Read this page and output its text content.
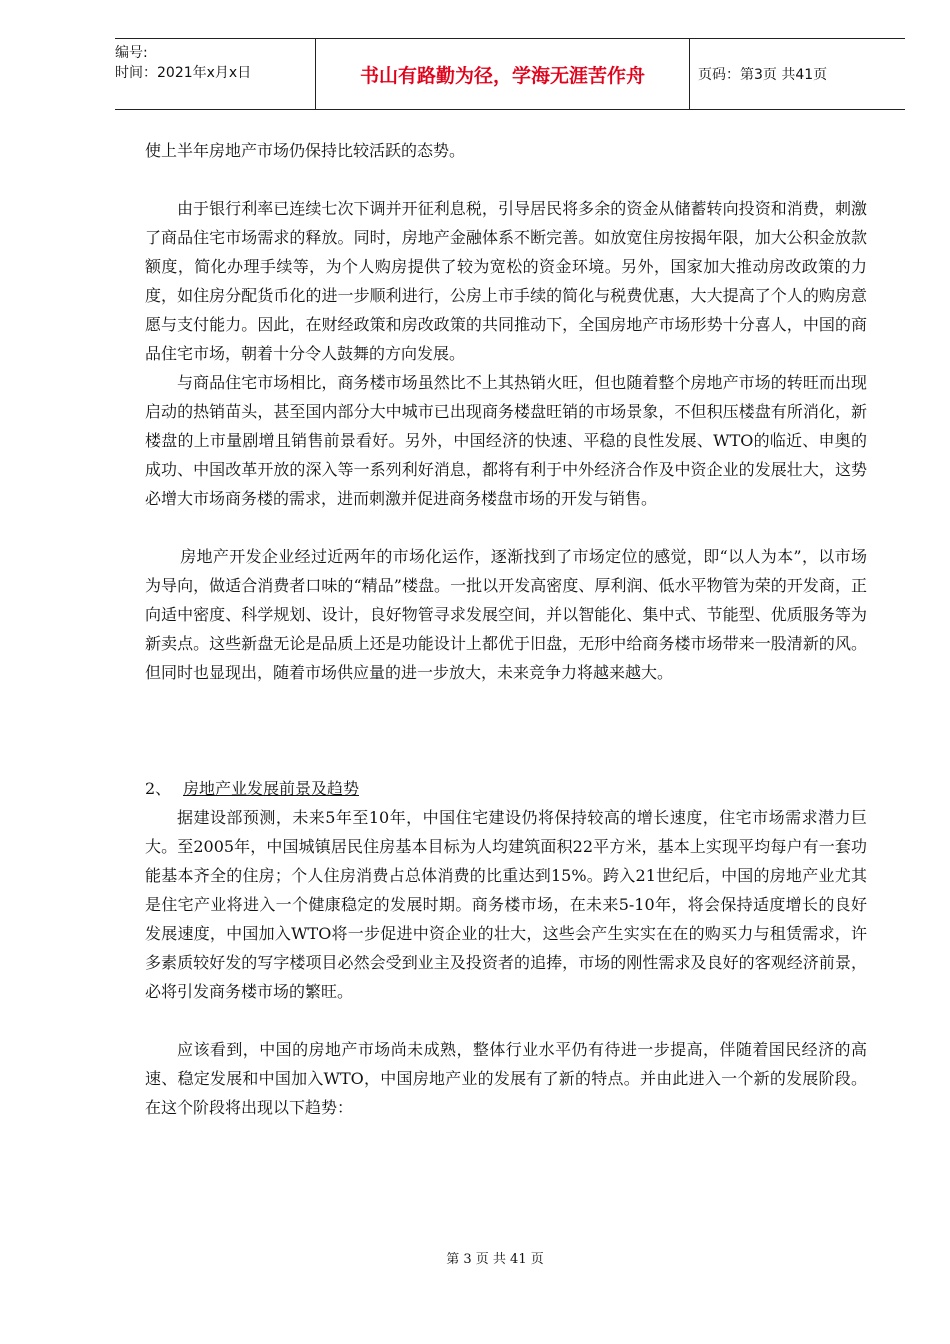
编号:
时间：2021年x月x日	书山有路勤为径，学海无涯苦作舟	页码：第3页 共41页

使上半年房地产市场仍保持比较活跃的态势。

由于银行利率已连续七次下调并开征利息税，引导居民将多余的资金从储蓄转向投资和消费，刺激了商品住宅市场需求的释放。同时，房地产金融体系不断完善。如放宽住房按揭年限，加大公积金放款额度，简化办理手续等，为个人购房提供了较为宽松的资金环境。另外，国家加大推动房改政策的力度，如住房分配货币化的进一步顺利进行，公房上市手续的简化与税费优惠，大大提高了个人的购房意愿与支付能力。因此，在财经政策和房改政策的共同推动下，全国房地产市场形势十分喜人，中国的商品住宅市场，朝着十分令人鼓舞的方向发展。

与商品住宅市场相比，商务楼市场虽然比不上其热销火旺，但也随着整个房地产市场的转旺而出现启动的热销苗头，甚至国内部分大中城市已出现商务楼盘旺销的市场景象，不但积压楼盘有所消化，新楼盘的上市量剧增且销售前景看好。另外，中国经济的快速、平稳的良性发展、WTO的临近、申奥的成功、中国改革开放的深入等一系列利好消息，都将有利于中外经济合作及中资企业的发展壮大，这势必增大市场商务楼的需求，进而刺激并促进商务楼盘市场的开发与销售。

房地产开发企业经过近两年的市场化运作，逐渐找到了市场定位的感觉，即“以人为本”，以市场为导向，做适合消费者口味的“精品”楼盘。一批以开发高密度、厚利润、低水平物管为荣的开发商，正向适中密度、科学规划、设计，良好物管寻求发展空间，并以智能化、集中式、节能型、优质服务等为新卖点。这些新盘无论是品质上还是功能设计上都优于旧盘，无形中给商务楼市场带来一股清新的风。但同时也显现出，随着市场供应量的进一步放大，未来竞争力将越来越大。

2、 房地产业发展前景及趋势

据建设部预测，未来5年至10年，中国住宅建设仍将保持较高的增长速度，住宅市场需求潜力巨大。至2005年，中国城镇居民住房基本目标为人均建筑面积22平方米，基本上实现平均每户有一套功能基本齐全的住房；个人住房消费占总体消费的比重达到15%。跨入21世纪后，中国的房地产业尤其是住宅产业将进入一个健康稳定的发展时期。商务楼市场，在未来5-10年，将会保持适度增长的良好发展速度，中国加入WTO将一步促进中资企业的壮大，这些会产生实实在在的购买力与租赁需求，许多素质较好发的写字楼项目必然会受到业主及投资者的追捧，市场的刚性需求及良好的客观经济前景，必将引发商务楼市场的繁旺。

应该看到，中国的房地产市场尚未成熟，整体行业水平仍有待进一步提高，伴随着国民经济的高速、稳定发展和中国加入WTO，中国房地产业的发展有了新的特点。并由此进入一个新的发展阶段。 在这个阶段将出现以下趋势：

第 3 页 共 41 页
